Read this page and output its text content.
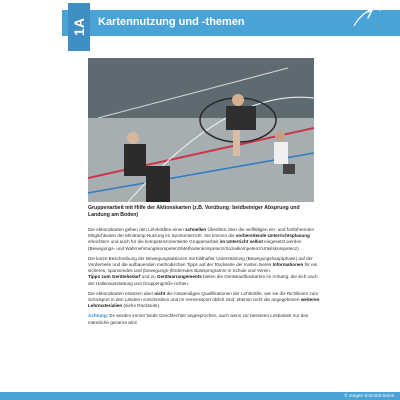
1A Kartennutzung und -themen
Gruppenarbeit mit Hilfe der Aktionskarten (z.B. Vorübung: beidbeiniger Absprung und Landung am Boden)

Die Aktionskarten geben den Lehrkräften einen schnellen Überblick über die vielfältigen ein- und fortführenden Möglichkeiten der Minitramp-Nutzung im Sportunterricht. Sie können die vorbereitende Unterrichtsplanung erleichtern und auch für die kompetenzorientierte Gruppenarbeit im Unterricht selbst eingesetzt werden (Bewegungs- und Wahrnehmungskompetenz/Methodenkompetenz/Sozialkompetenz/Urteilskompetenz).

Die kurze Beschreibung der Bewegungsaktionen mit bildhafter Unterstützung (Bewegungshauptphase) auf der Vorderseite und die aufbauenden methodischen Tipps auf der Rückseite der Karten bieten Informationen für ein sicheres, spannendes und (bewegungs-)förderndes Basisprogramm in Schule und Verein.
Tipps zum Gerätebedarf und zu Gerätearrangements bieten die Geräteaufbaukarten im Anhang, die sich nach der Hallenausstattung und Gruppengröße richten.

Die Aktionskarten ersetzen aber nicht die notwendigen Qualifikationen der Lehrkräfte, wie sie die Richtlinien zum Schulsport in den Ländern vorschreiben und im Vereinssport üblich sind; ebenso nicht die angegebenen weiteren Lehrmaterialien (siehe Rückseite).

Achtung: Es werden immer beide Geschlechter angesprochen, auch wenn zur besseren Lesbarkeit nur das männliche genannt wird.

© Jürgen Schmidt-Sinns
